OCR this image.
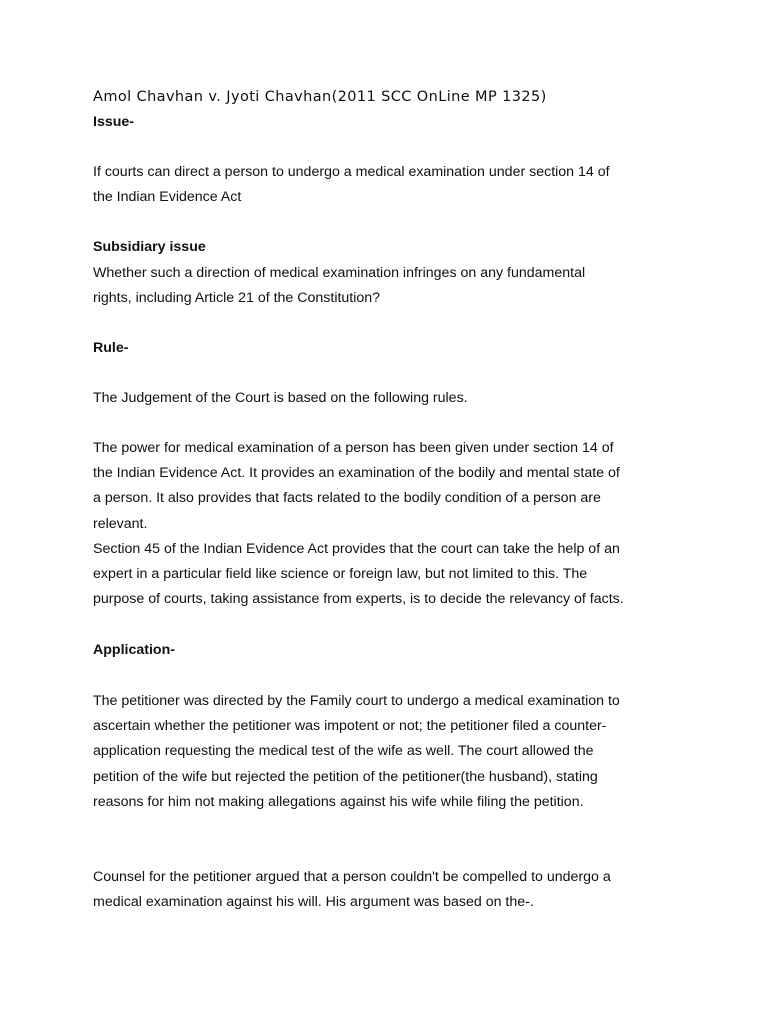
Amol Chavhan v. Jyoti Chavhan(2011 SCC OnLine MP 1325)

Issue-

If courts can direct a person to undergo a medical examination under section 14 of
the Indian Evidence Act

Subsidiary issue

Whether such a direction of medical examination infringes on any fundamental
rights, including Article 21 of the Constitution?

Rule-

The Judgement of the Court is based on the following rules.

The power for medical examination of a person has been given under section 14 of
the Indian Evidence Act. It provides an examination of the bodily and mental state of
a person. It also provides that facts related to the bodily condition of a person are
relevant.
Section 45 of the Indian Evidence Act provides that the court can take the help of an
expert in a particular field like science or foreign law, but not limited to this. The
purpose of courts, taking assistance from experts, is to decide the relevancy of facts.

Application-

The petitioner was directed by the Family court to undergo a medical examination to
ascertain whether the petitioner was impotent or not; the petitioner filed a counter-
application requesting the medical test of the wife as well. The court allowed the
petition of the wife but rejected the petition of the petitioner(the husband), stating
reasons for him not making allegations against his wife while filing the petition.

Counsel for the petitioner argued that a person couldn't be compelled to undergo a
medical examination against his will. His argument was based on the-.
